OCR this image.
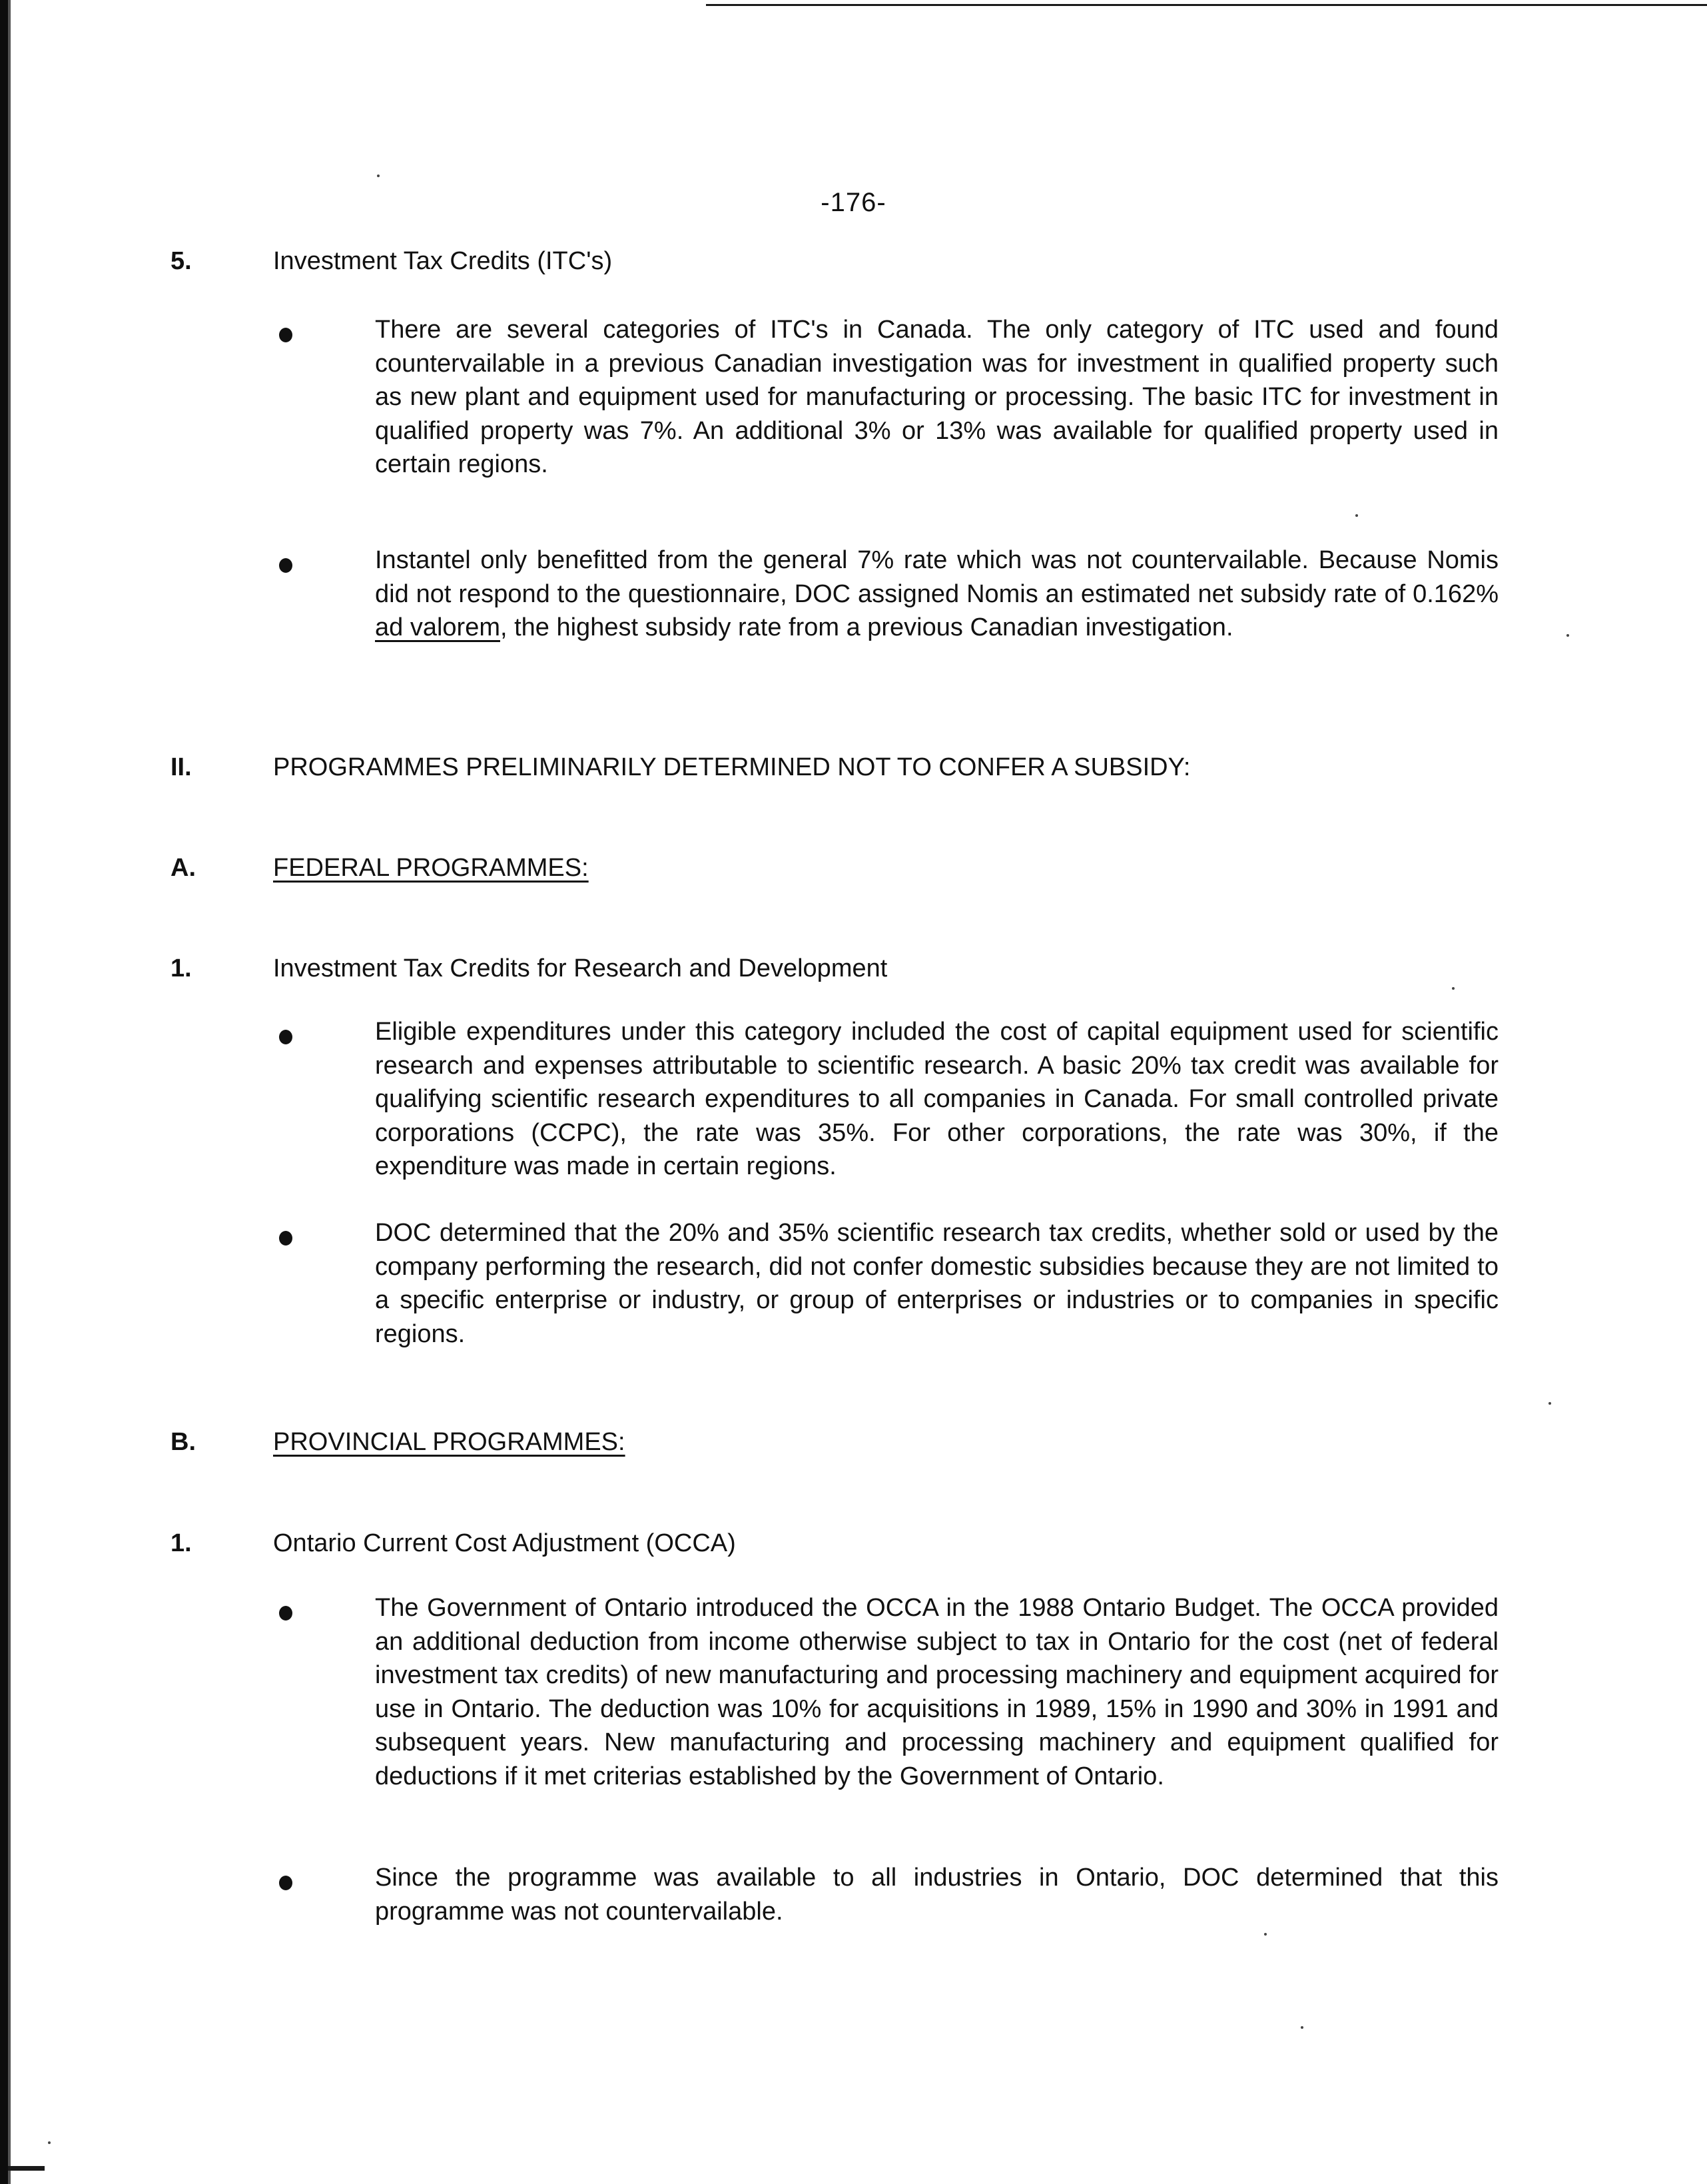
-176-
5.	Investment Tax Credits (ITC's)
There are several categories of ITC's in Canada. The only category of ITC used and found countervailable in a previous Canadian investigation was for investment in qualified property such as new plant and equipment used for manufacturing or processing. The basic ITC for investment in qualified property was 7%. An additional 3% or 13% was available for qualified property used in certain regions.
Instantel only benefitted from the general 7% rate which was not countervailable. Because Nomis did not respond to the questionnaire, DOC assigned Nomis an estimated net subsidy rate of 0.162% ad valorem, the highest subsidy rate from a previous Canadian investigation.
II.	PROGRAMMES PRELIMINARILY DETERMINED NOT TO CONFER A SUBSIDY:
A.	FEDERAL PROGRAMMES:
1.	Investment Tax Credits for Research and Development
Eligible expenditures under this category included the cost of capital equipment used for scientific research and expenses attributable to scientific research. A basic 20% tax credit was available for qualifying scientific research expenditures to all companies in Canada. For small controlled private corporations (CCPC), the rate was 35%. For other corporations, the rate was 30%, if the expenditure was made in certain regions.
DOC determined that the 20% and 35% scientific research tax credits, whether sold or used by the company performing the research, did not confer domestic subsidies because they are not limited to a specific enterprise or industry, or group of enterprises or industries or to companies in specific regions.
B.	PROVINCIAL PROGRAMMES:
1.	Ontario Current Cost Adjustment (OCCA)
The Government of Ontario introduced the OCCA in the 1988 Ontario Budget. The OCCA provided an additional deduction from income otherwise subject to tax in Ontario for the cost (net of federal investment tax credits) of new manufacturing and processing machinery and equipment acquired for use in Ontario. The deduction was 10% for acquisitions in 1989, 15% in 1990 and 30% in 1991 and subsequent years. New manufacturing and processing machinery and equipment qualified for deductions if it met criterias established by the Government of Ontario.
Since the programme was available to all industries in Ontario, DOC determined that this programme was not countervailable.
